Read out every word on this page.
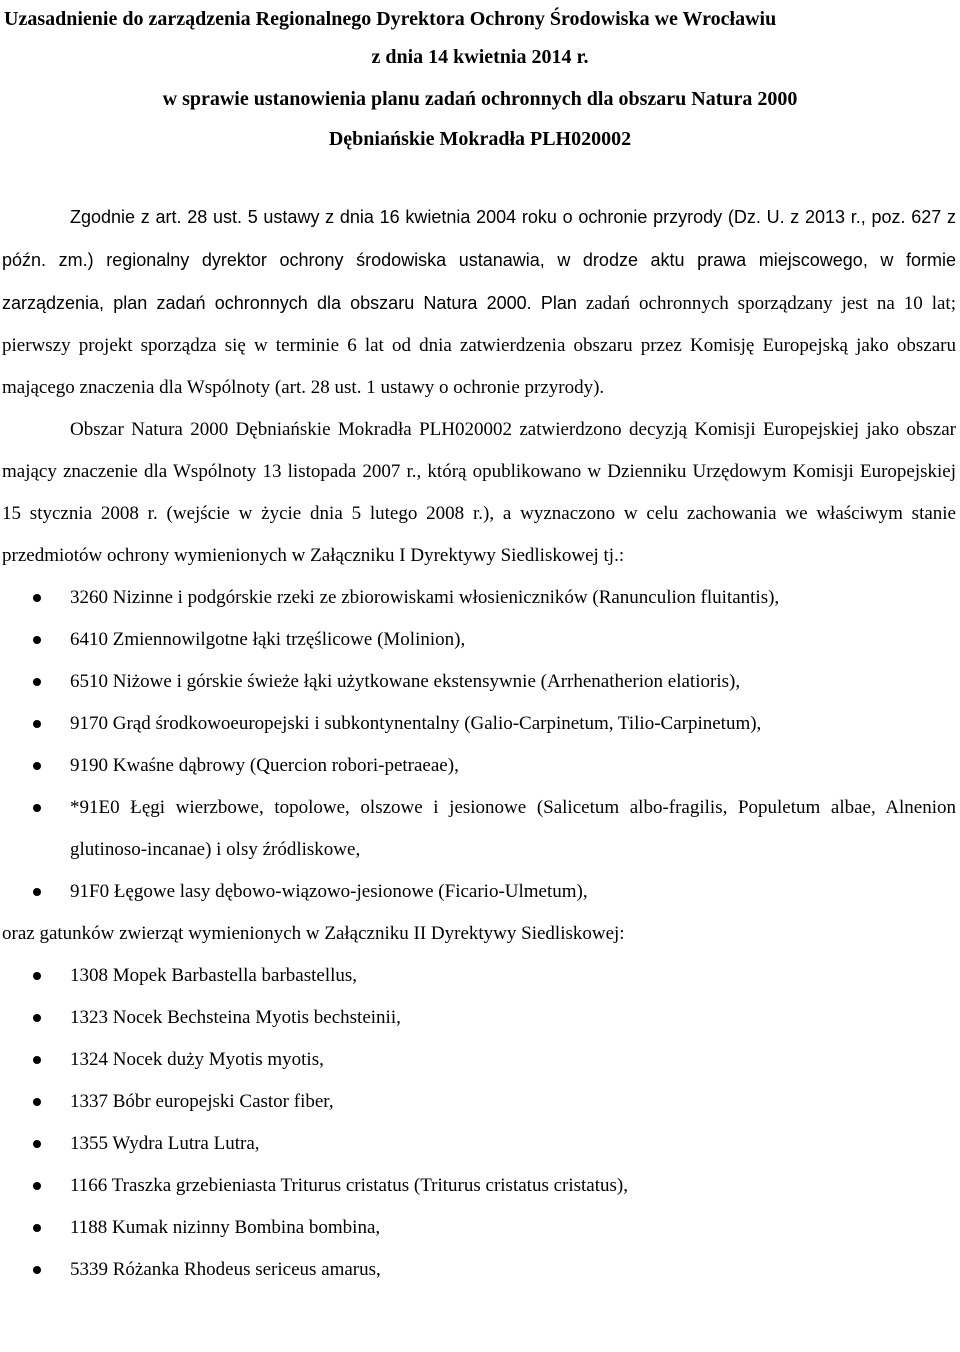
Uzasadnienie do zarządzenia Regionalnego Dyrektora Ochrony Środowiska we Wrocławiu
z dnia 14 kwietnia 2014 r.
w sprawie ustanowienia planu zadań ochronnych dla obszaru Natura 2000
Dębniańskie Mokradła PLH020002

Zgodnie z art. 28 ust. 5 ustawy z dnia 16 kwietnia 2004 roku o ochronie przyrody (Dz. U. z 2013 r., poz. 627 z późn. zm.) regionalny dyrektor ochrony środowiska ustanawia, w drodze aktu prawa miejscowego, w formie zarządzenia, plan zadań ochronnych dla obszaru Natura 2000. Plan zadań ochronnych sporządzany jest na 10 lat; pierwszy projekt sporządza się w terminie 6 lat od dnia zatwierdzenia obszaru przez Komisję Europejską jako obszaru mającego znaczenia dla Wspólnoty (art. 28 ust. 1 ustawy o ochronie przyrody).

Obszar Natura 2000 Dębniańskie Mokradła PLH020002 zatwierdzono decyzją Komisji Europejskiej jako obszar mający znaczenie dla Wspólnoty 13 listopada 2007 r., którą opublikowano w Dzienniku Urzędowym Komisji Europejskiej 15 stycznia 2008 r. (wejście w życie dnia 5 lutego 2008 r.), a wyznaczono w celu zachowania we właściwym stanie przedmiotów ochrony wymienionych w Załączniku I Dyrektywy Siedliskowej tj.:

3260 Nizinne i podgórskie rzeki ze zbiorowiskami włosieniczników (Ranunculion fluitantis),
6410 Zmiennowilgotne łąki trzęślicowe (Molinion),
6510 Niżowe i górskie świeże łąki użytkowane ekstensywnie (Arrhenatherion elatioris),
9170 Grąd środkowoeuropejski i subkontynentalny (Galio-Carpinetum, Tilio-Carpinetum),
9190 Kwaśne dąbrowy (Quercion robori-petraeae),
*91E0 Łęgi wierzbowe, topolowe, olszowe i jesionowe (Salicetum albo-fragilis, Populetum albae, Alnenion glutinoso-incanae) i olsy źródliskowe,
91F0 Łęgowe lasy dębowo-wiązowo-jesionowe (Ficario-Ulmetum),

oraz gatunków zwierząt wymienionych w Załączniku II Dyrektywy Siedliskowej:

1308 Mopek Barbastella barbastellus,
1323 Nocek Bechsteina Myotis bechsteinii,
1324 Nocek duży Myotis myotis,
1337 Bóbr europejski Castor fiber,
1355 Wydra Lutra Lutra,
1166 Traszka grzebieniasta Triturus cristatus (Triturus cristatus cristatus),
1188 Kumak nizinny Bombina bombina,
5339 Różanka Rhodeus sericeus amarus,
